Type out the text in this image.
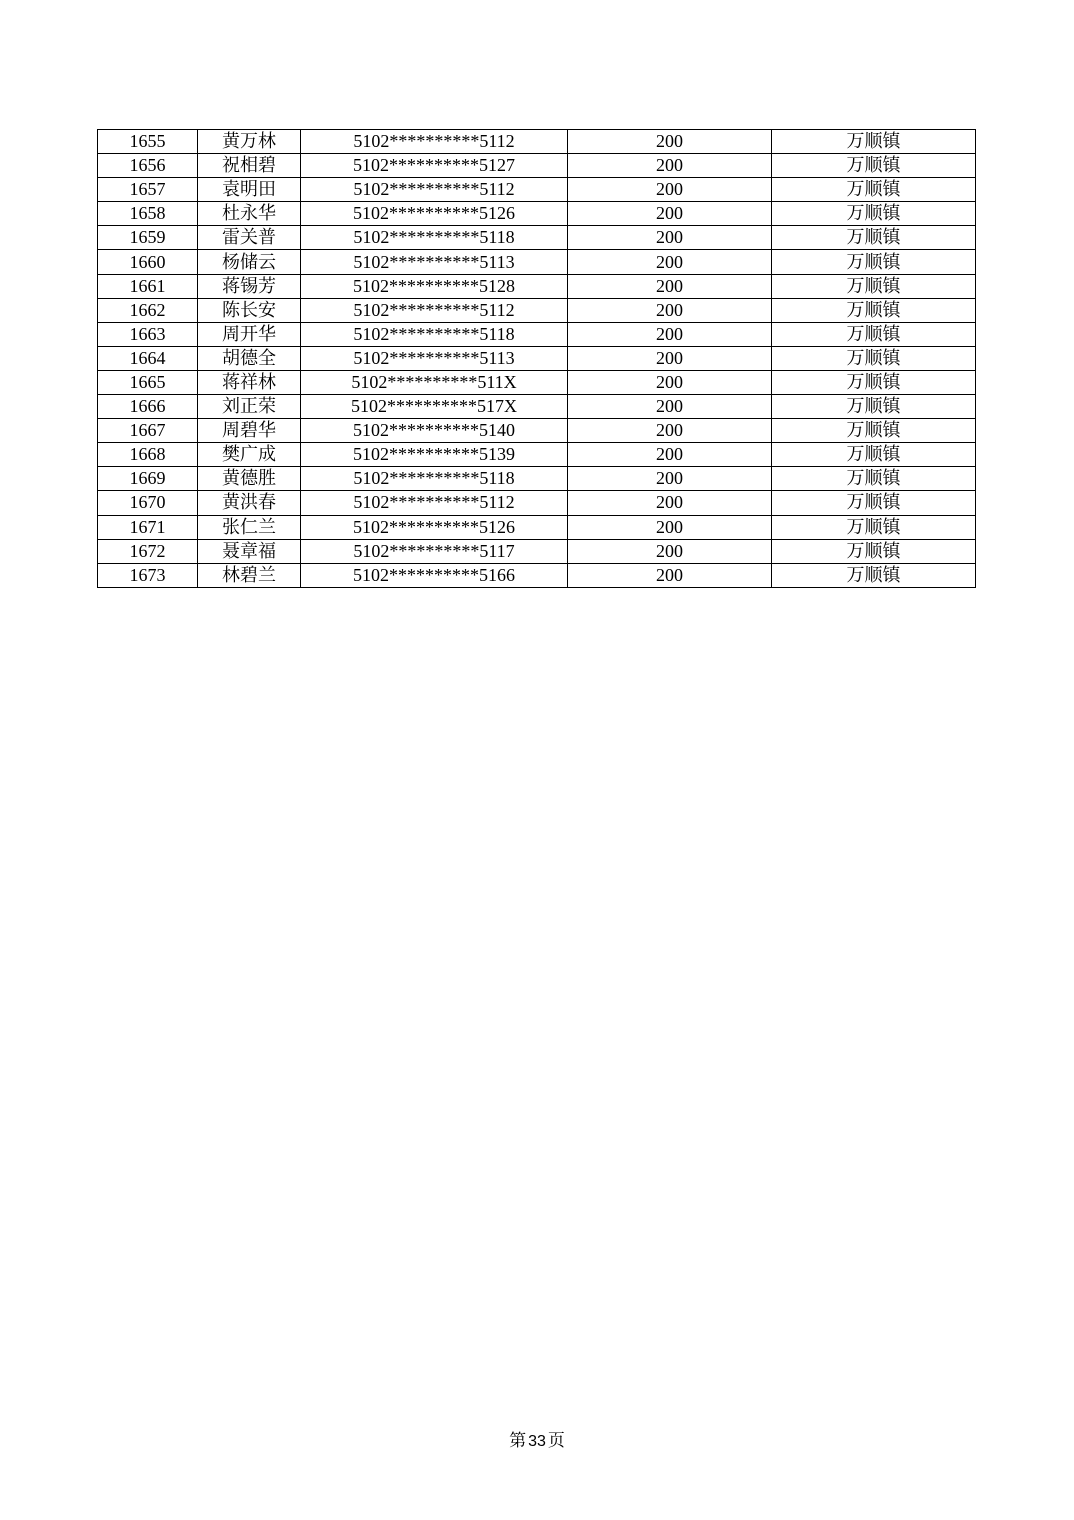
1655	黄万林	5102**********5112	200	万顺镇
1656	祝相碧	5102**********5127	200	万顺镇
1657	袁明田	5102**********5112	200	万顺镇
1658	杜永华	5102**********5126	200	万顺镇
1659	雷关普	5102**********5118	200	万顺镇
1660	杨储云	5102**********5113	200	万顺镇
1661	蒋锡芳	5102**********5128	200	万顺镇
1662	陈长安	5102**********5112	200	万顺镇
1663	周开华	5102**********5118	200	万顺镇
1664	胡德全	5102**********5113	200	万顺镇
1665	蒋祥林	5102**********511X	200	万顺镇
1666	刘正荣	5102**********517X	200	万顺镇
1667	周碧华	5102**********5140	200	万顺镇
1668	樊广成	5102**********5139	200	万顺镇
1669	黄德胜	5102**********5118	200	万顺镇
1670	黄洪春	5102**********5112	200	万顺镇
1671	张仁兰	5102**********5126	200	万顺镇
1672	聂章福	5102**********5117	200	万顺镇
1673	林碧兰	5102**********5166	200	万顺镇
第 33 页
